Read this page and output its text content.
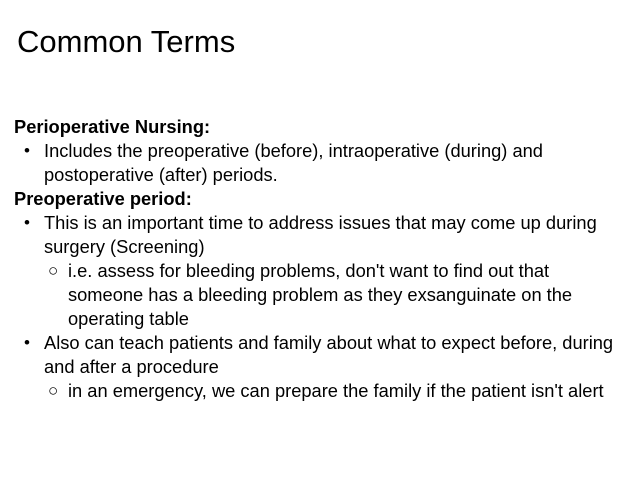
Common Terms
Perioperative Nursing:
• Includes the preoperative (before), intraoperative (during) and postoperative (after) periods.
Preoperative period:
• This is an important time to address issues that may come up during surgery (Screening)
○ i.e. assess for bleeding problems, don't want to find out that someone has a bleeding problem as they exsanguinate on the operating table
• Also can teach patients and family about what to expect before, during and after a procedure
○ in an emergency, we can prepare the family if the patient isn't alert
